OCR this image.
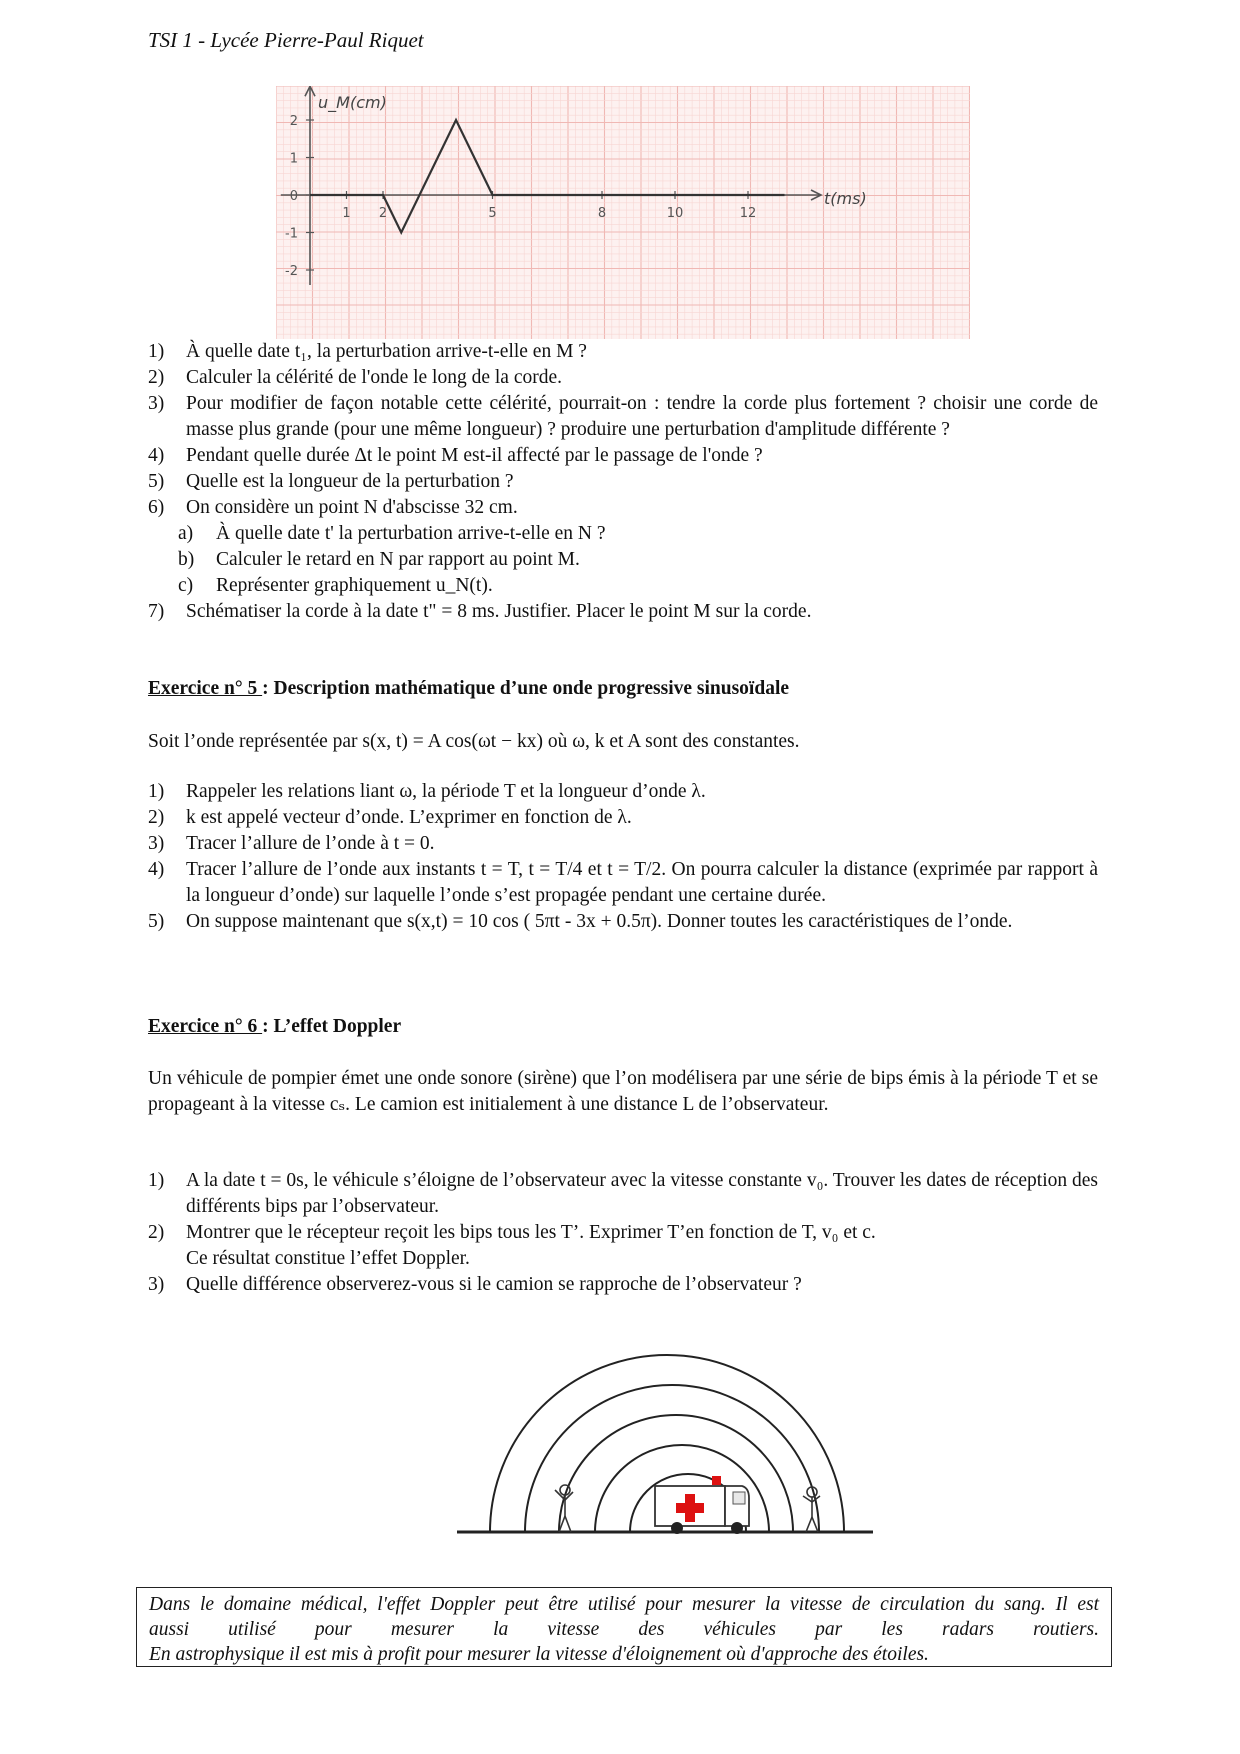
TSI 1 - Lycée Pierre-Paul Riquet
1 2	5	8	10	12
2
1
0
-1
-2
u_M(cm)
t(ms)
1) À quelle date t₁, la perturbation arrive-t-elle en M ?
2) Calculer la célérité de l'onde le long de la corde.
3) Pour modifier de façon notable cette célérité, pourrait-on : tendre la corde plus fortement ? choisir une corde de masse plus grande (pour une même longueur) ? produire une perturbation d'amplitude différente ?
4) Pendant quelle durée Δt le point M est-il affecté par le passage de l'onde ?
5) Quelle est la longueur de la perturbation ?
6) On considère un point N d'abscisse 32 cm.
a) À quelle date t' la perturbation arrive-t-elle en N ?
b) Calculer le retard en N par rapport au point M.
c) Représenter graphiquement u_N(t).
7) Schématiser la corde à la date t" = 8 ms. Justifier. Placer le point M sur la corde.
Exercice n° 5 : Description mathématique d’une onde progressive sinusoïdale
Soit l’onde représentée par s(x, t) = A cos(ωt − kx) où ω, k et A sont des constantes.
1) Rappeler les relations liant ω, la période T et la longueur d’onde λ.
2) k est appelé vecteur d’onde. L’exprimer en fonction de λ.
3) Tracer l’allure de l’onde à t = 0.
4) Tracer l’allure de l’onde aux instants t = T, t = T/4 et t = T/2. On pourra calculer la distance (exprimée par rapport à la longueur d’onde) sur laquelle l’onde s’est propagée pendant une certaine durée.
5) On suppose maintenant que s(x,t) = 10 cos ( 5πt - 3x + 0.5π). Donner toutes les caractéristiques de l’onde.
Exercice n° 6 : L’effet Doppler
Un véhicule de pompier émet une onde sonore (sirène) que l’on modélisera par une série de bips émis à la période T et se propageant à la vitesse cₛ. Le camion est initialement à une distance L de l’observateur.
1) A la date t = 0s, le véhicule s’éloigne de l’observateur avec la vitesse constante v₀. Trouver les dates de réception des différents bips par l’observateur.
2) Montrer que le récepteur reçoit les bips tous les T’. Exprimer T’en fonction de T, v₀ et c.
Ce résultat constitue l’effet Doppler.
3) Quelle différence observerez-vous si le camion se rapproche de l’observateur ?
Dans le domaine médical, l'effet Doppler peut être utilisé pour mesurer la vitesse de circulation du sang. Il est
aussi utilisé pour mesurer la vitesse des véhicules par les radars routiers.
En astrophysique il est mis à profit pour mesurer la vitesse d'éloignement où d'approche des étoiles.
